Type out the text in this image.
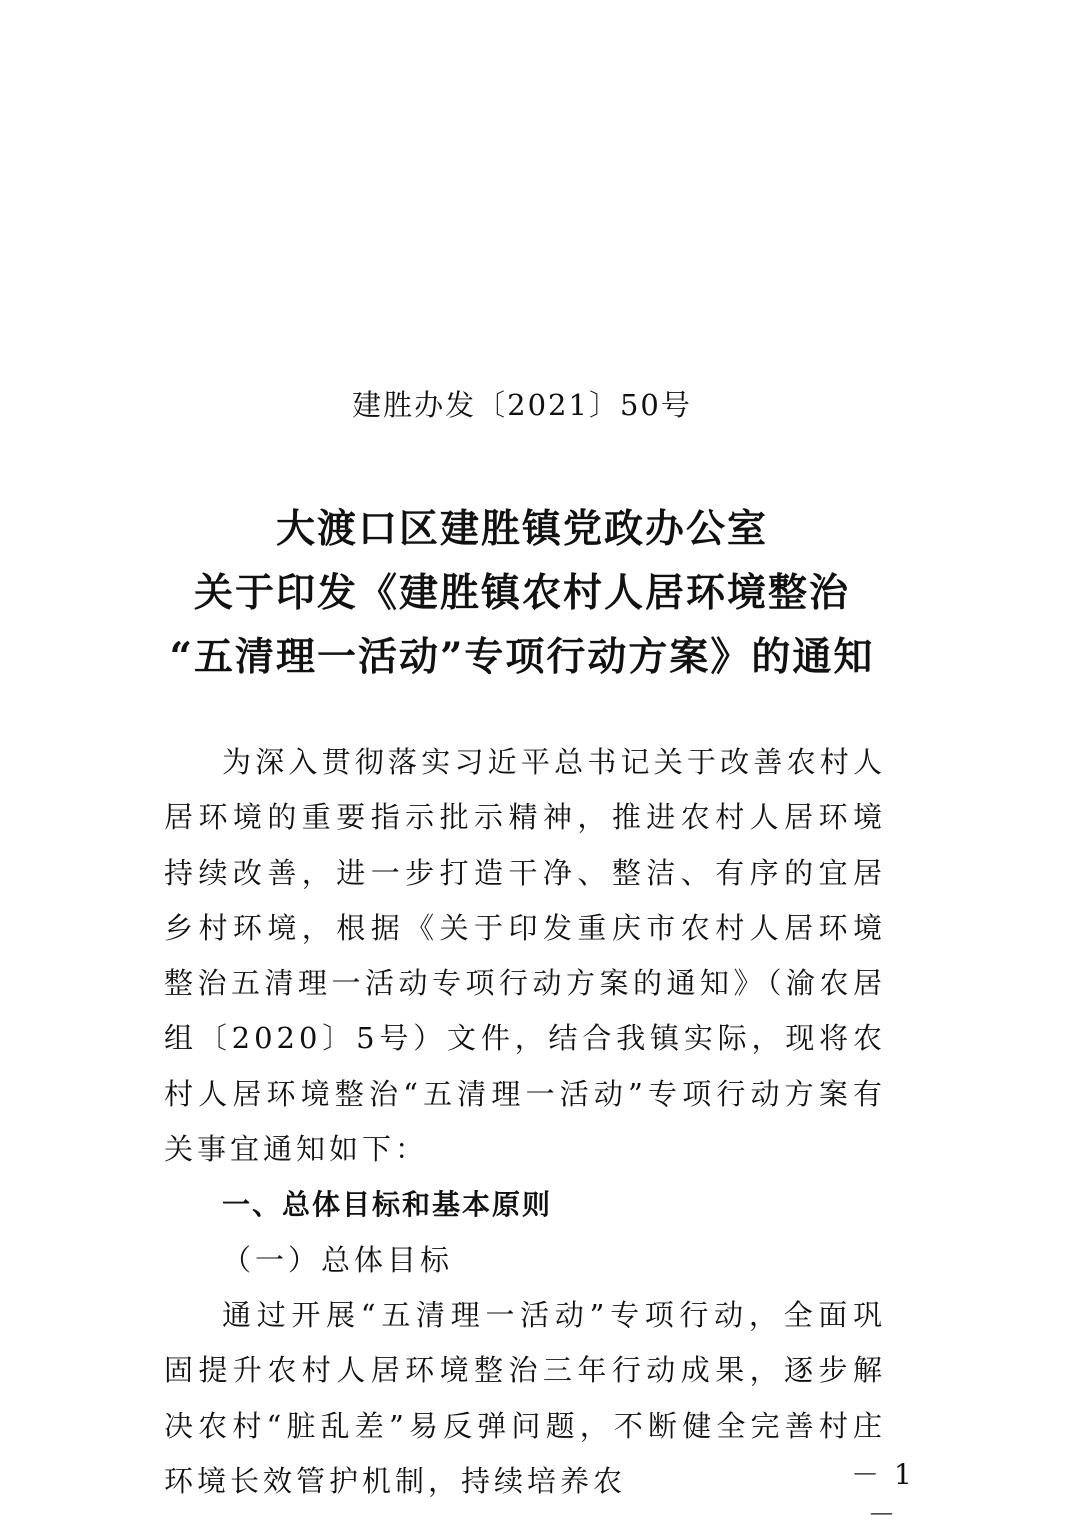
建胜办发〔2021〕50号
大渡口区建胜镇党政办公室
关于印发《建胜镇农村人居环境整治
“五清理一活动”专项行动方案》的通知

为深入贯彻落实习近平总书记关于改善农村人居环境的重要指示批示精神，推进农村人居环境持续改善，进一步打造干净、整洁、有序的宜居乡村环境，根据《关于印发重庆市农村人居环境整治五清理一活动专项行动方案的通知》（渝农居组〔2020〕5号）文件，结合我镇实际，现将农村人居环境整治“五清理一活动”专项行动方案有关事宜通知如下：

一、总体目标和基本原则

（一）总体目标

通过开展“五清理一活动”专项行动，全面巩固提升农村人居环境整治三年行动成果，逐步解决农村“脏乱差”易反弹问题，不断健全完善村庄环境长效管护机制，持续培养农	－ 1 －
